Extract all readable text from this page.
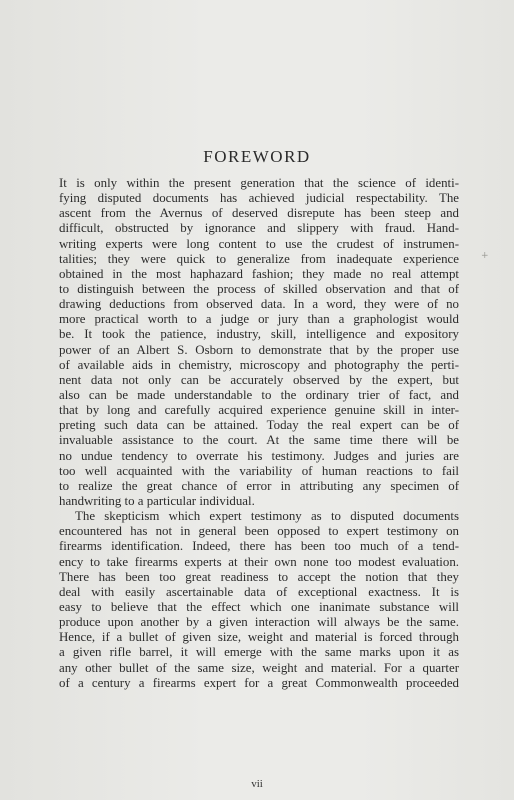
+
FOREWORD
It is only within the present generation that the science of identi-
fying disputed documents has achieved judicial respectability. The
ascent from the Avernus of deserved disrepute has been steep and
difficult, obstructed by ignorance and slippery with fraud. Hand-
writing experts were long content to use the crudest of instrumen-
talities; they were quick to generalize from inadequate experience
obtained in the most haphazard fashion; they made no real attempt
to distinguish between the process of skilled observation and that of
drawing deductions from observed data. In a word, they were of no
more practical worth to a judge or jury than a graphologist would
be. It took the patience, industry, skill, intelligence and expository
power of an Albert S. Osborn to demonstrate that by the proper use
of available aids in chemistry, microscopy and photography the perti-
nent data not only can be accurately observed by the expert, but
also can be made understandable to the ordinary trier of fact, and
that by long and carefully acquired experience genuine skill in inter-
preting such data can be attained. Today the real expert can be of
invaluable assistance to the court. At the same time there will be
no undue tendency to overrate his testimony. Judges and juries are
too well acquainted with the variability of human reactions to fail
to realize the great chance of error in attributing any specimen of
handwriting to a particular individual.
The skepticism which expert testimony as to disputed documents
encountered has not in general been opposed to expert testimony on
firearms identification. Indeed, there has been too much of a tend-
ency to take firearms experts at their own none too modest evaluation.
There has been too great readiness to accept the notion that they
deal with easily ascertainable data of exceptional exactness. It is
easy to believe that the effect which one inanimate substance will
produce upon another by a given interaction will always be the same.
Hence, if a bullet of given size, weight and material is forced through
a given rifle barrel, it will emerge with the same marks upon it as
any other bullet of the same size, weight and material. For a quarter
of a century a firearms expert for a great Commonwealth proceeded
vii
